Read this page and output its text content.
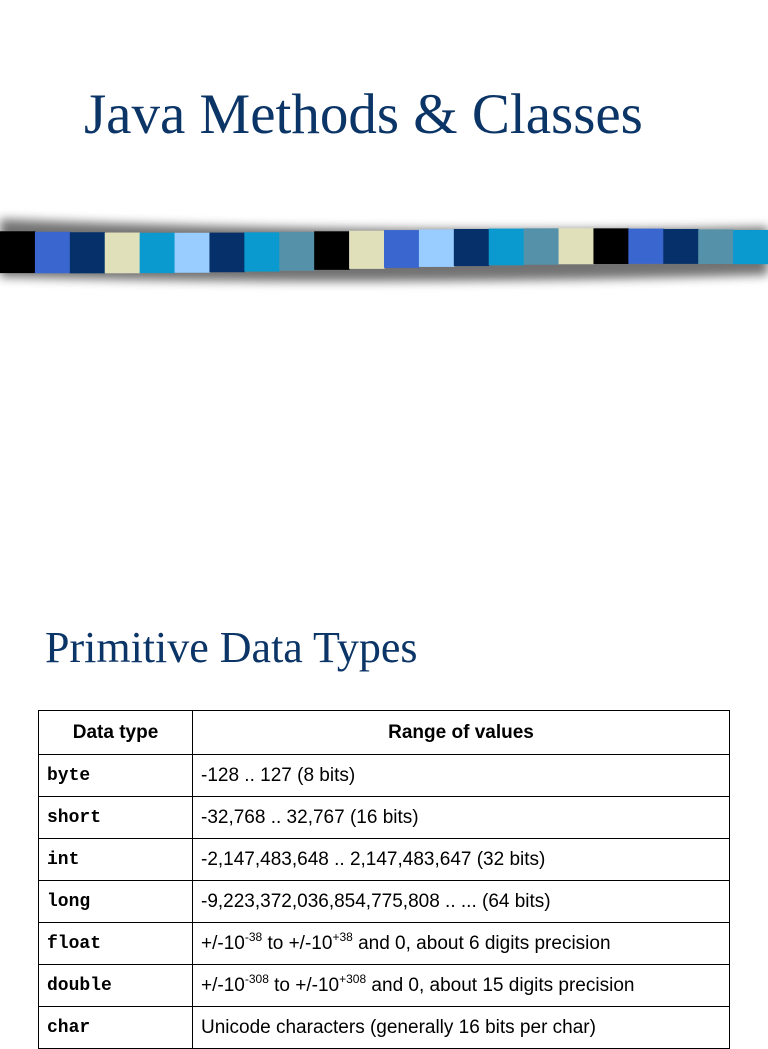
Java Methods & Classes
Primitive Data Types
Data type	Range of values
byte	-128 .. 127 (8 bits)
short	-32,768 .. 32,767 (16 bits)
int	-2,147,483,648 .. 2,147,483,647 (32 bits)
long	-9,223,372,036,854,775,808 .. ... (64 bits)
float	$+/-10^{-38}$ to $+/-10^{+38}$ and 0, about 6 digits precision
double	$+/-10^{-308}$ to $+/-10^{+308}$ and 0, about 15 digits precision
char	Unicode characters (generally 16 bits per char)
